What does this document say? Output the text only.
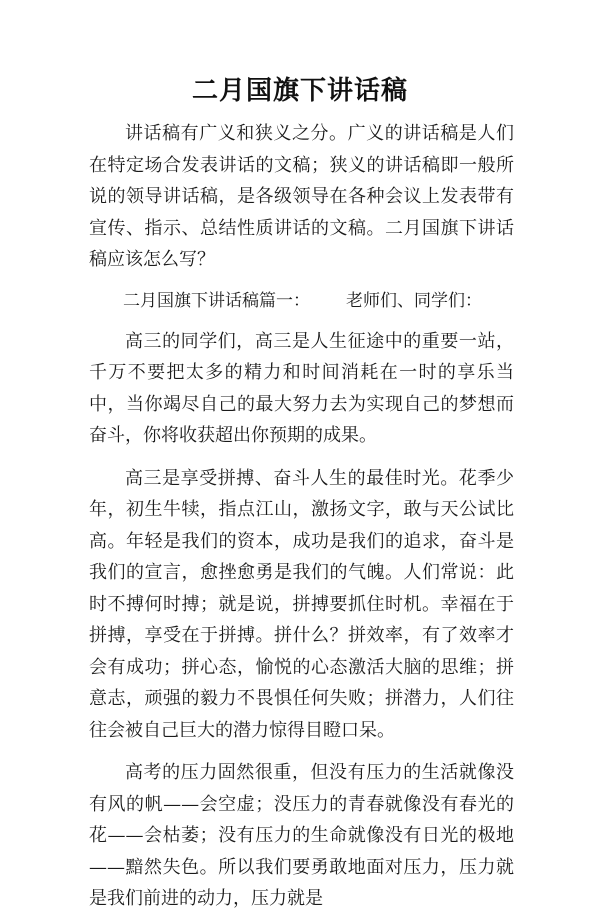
二月国旗下讲话稿

讲话稿有广义和狭义之分。广义的讲话稿是人们在特定场合发表讲话的文稿；狭义的讲话稿即一般所说的领导讲话稿，是各级领导在各种会议上发表带有宣传、指示、总结性质讲话的文稿。二月国旗下讲话稿应该怎么写？

二月国旗下讲话稿篇一： 老师们、同学们：

高三的同学们，高三是人生征途中的重要一站，千万不要把太多的精力和时间消耗在一时的享乐当中，当你竭尽自己的最大努力去为实现自己的梦想而奋斗，你将收获超出你预期的成果。

高三是享受拼搏、奋斗人生的最佳时光。花季少年，初生牛犊，指点江山，激扬文字，敢与天公试比高。年轻是我们的资本，成功是我们的追求，奋斗是我们的宣言，愈挫愈勇是我们的气魄。人们常说：此时不搏何时搏；就是说，拼搏要抓住时机。幸福在于拼搏，享受在于拼搏。拼什么？拼效率，有了效率才会有成功；拼心态，愉悦的心态激活大脑的思维；拼意志，顽强的毅力不畏惧任何失败；拼潜力，人们往往会被自己巨大的潜力惊得目瞪口呆。

高考的压力固然很重，但没有压力的生活就像没有风的帆——会空虚；没压力的青春就像没有春光的花——会枯萎；没有压力的生命就像没有日光的极地——黯然失色。所以我们要勇敢地面对压力，压力就是我们前进的动力，压力就是
